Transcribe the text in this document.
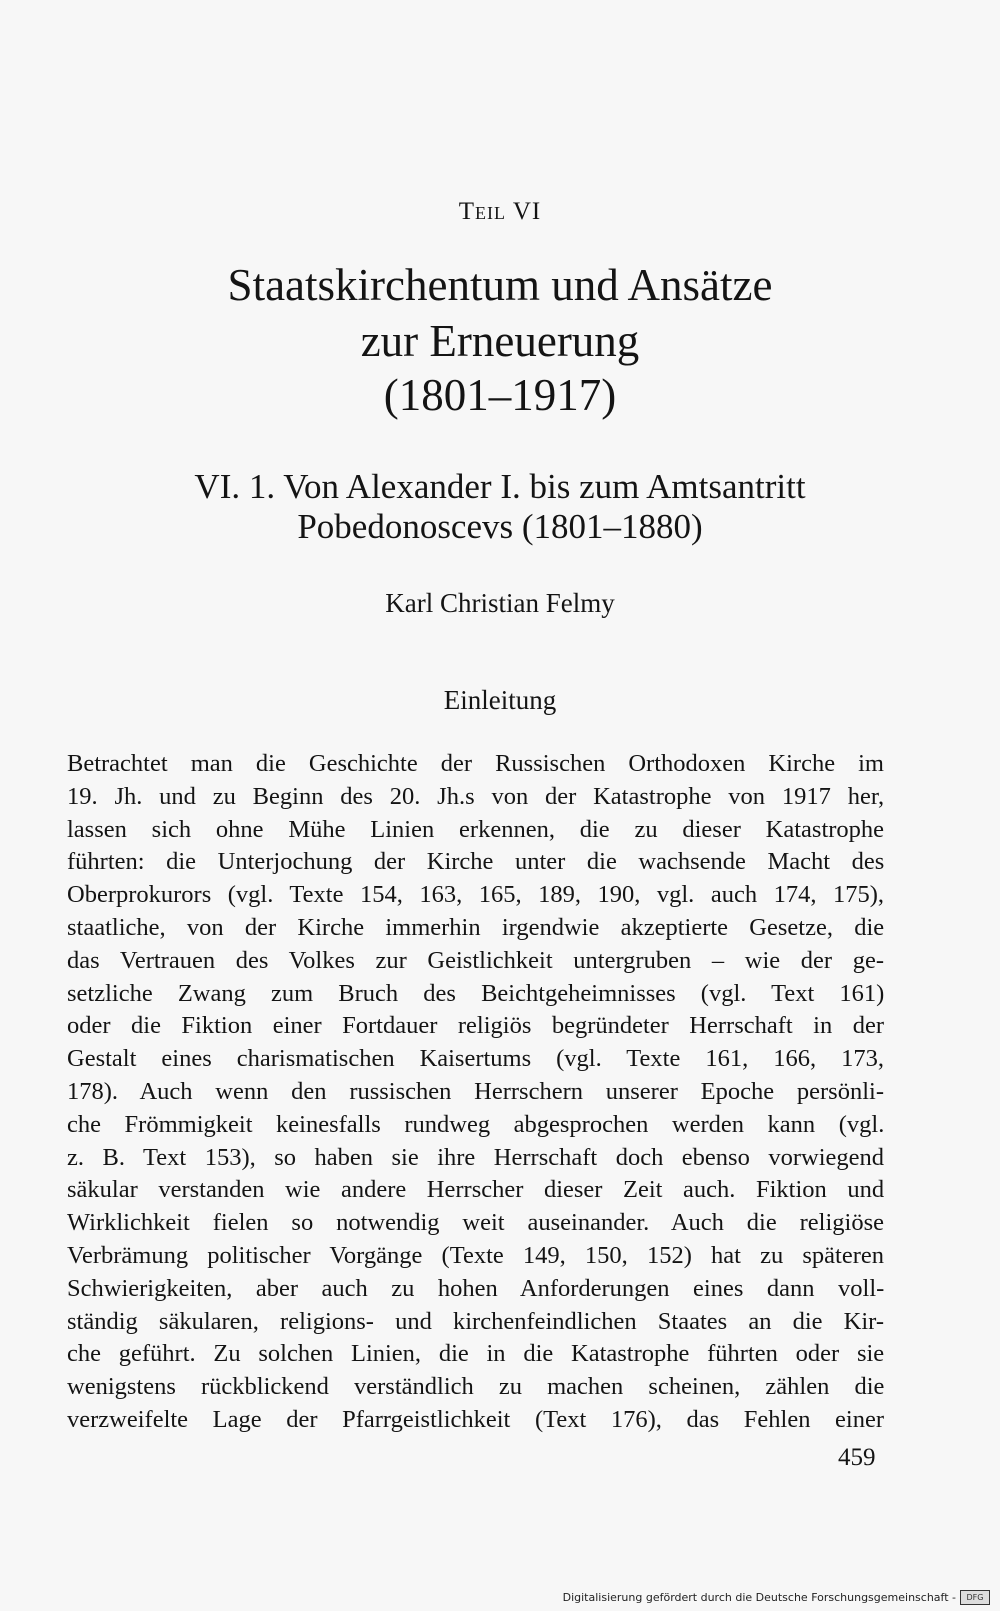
Teil VI
Staatskirchentum und Ansätze
zur Erneuerung
(1801–1917)
VI. 1. Von Alexander I. bis zum Amtsantritt
Pobedonoscevs (1801–1880)
Karl Christian Felmy
Einleitung
Betrachtet man die Geschichte der Russischen Orthodoxen Kirche im
19. Jh. und zu Beginn des 20. Jh.s von der Katastrophe von 1917 her,
lassen sich ohne Mühe Linien erkennen, die zu dieser Katastrophe
führten: die Unterjochung der Kirche unter die wachsende Macht des
Oberprokurors (vgl. Texte 154, 163, 165, 189, 190, vgl. auch 174, 175),
staatliche, von der Kirche immerhin irgendwie akzeptierte Gesetze, die
das Vertrauen des Volkes zur Geistlichkeit untergruben – wie der ge-
setzliche Zwang zum Bruch des Beichtgeheimnisses (vgl. Text 161)
oder die Fiktion einer Fortdauer religiös begründeter Herrschaft in der
Gestalt eines charismatischen Kaisertums (vgl. Texte 161, 166, 173,
178). Auch wenn den russischen Herrschern unserer Epoche persönli-
che Frömmigkeit keinesfalls rundweg abgesprochen werden kann (vgl.
z. B. Text 153), so haben sie ihre Herrschaft doch ebenso vorwiegend
säkular verstanden wie andere Herrscher dieser Zeit auch. Fiktion und
Wirklichkeit fielen so notwendig weit auseinander. Auch die religiöse
Verbrämung politischer Vorgänge (Texte 149, 150, 152) hat zu späteren
Schwierigkeiten, aber auch zu hohen Anforderungen eines dann voll-
ständig säkularen, religions- und kirchenfeindlichen Staates an die Kir-
che geführt. Zu solchen Linien, die in die Katastrophe führten oder sie
wenigstens rückblickend verständlich zu machen scheinen, zählen die
verzweifelte Lage der Pfarrgeistlichkeit (Text 176), das Fehlen einer
459
Digitalisierung gefördert durch die Deutsche Forschungsgemeinschaft -	DFG
